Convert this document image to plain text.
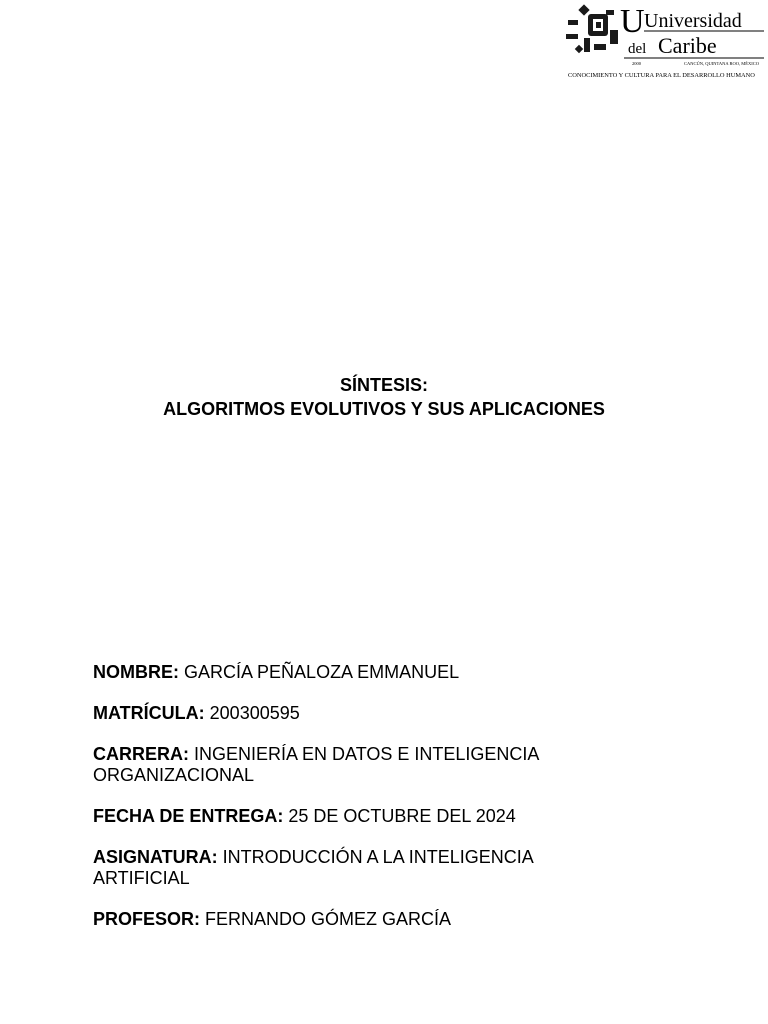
U Universidad
del Caribe
2000	CANCÚN, QUINTANA ROO, MÉXICO
CONOCIMIENTO Y CULTURA PARA EL DESARROLLO HUMANO
SÍNTESIS:
ALGORITMOS EVOLUTIVOS Y SUS APLICACIONES
NOMBRE: GARCÍA PEÑALOZA EMMANUEL
MATRÍCULA: 200300595
CARRERA: INGENIERÍA EN DATOS E INTELIGENCIA ORGANIZACIONAL
FECHA DE ENTREGA: 25 DE OCTUBRE DEL 2024
ASIGNATURA: INTRODUCCIÓN A LA INTELIGENCIA ARTIFICIAL
PROFESOR: FERNANDO GÓMEZ GARCÍA
